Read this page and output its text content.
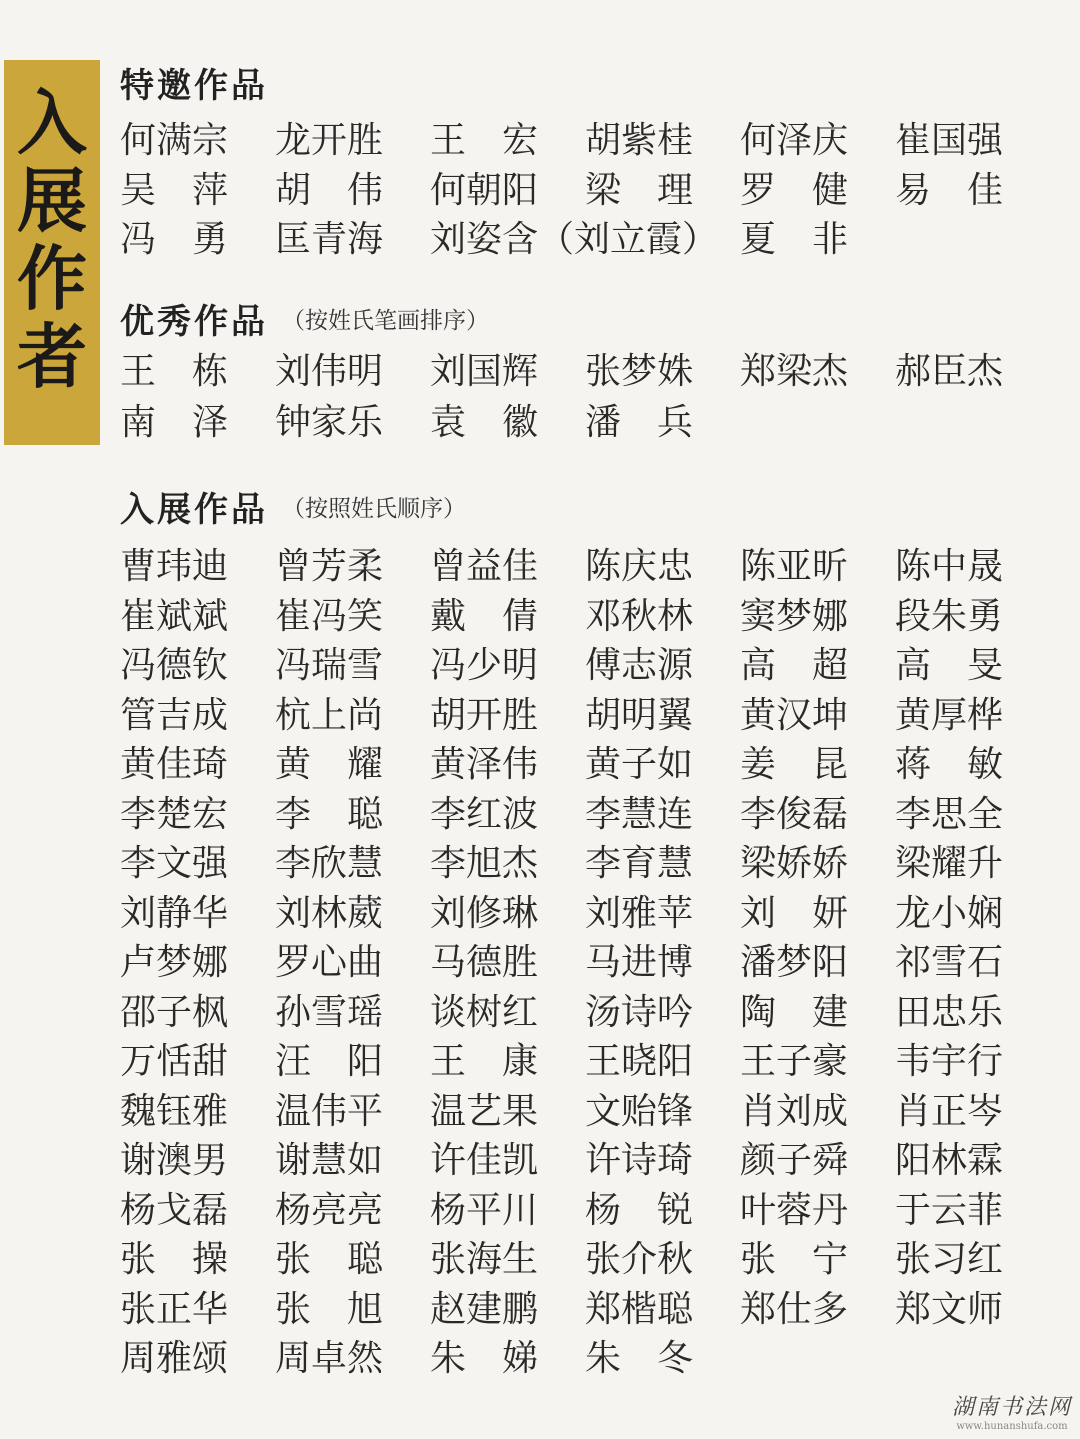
入
展
作
者
特邀作品
何满宗	龙开胜	王　宏	胡紫桂	何泽庆	崔国强
吴　萍	胡　伟	何朝阳	梁　理	罗　健	易　佳
冯　勇	匡青海	刘姿含（刘立霞） 夏　非
优秀作品 （按姓氏笔画排序）
王　栋	刘伟明	刘国辉	张梦姝	郑梁杰	郝臣杰
南　泽	钟家乐	袁　徽	潘　兵
入展作品 （按照姓氏顺序）
曹玮迪	曾芳柔	曾益佳	陈庆忠	陈亚昕	陈中晟
崔斌斌	崔冯笑	戴　倩	邓秋林	窦梦娜	段朱勇
冯德钦	冯瑞雪	冯少明	傅志源	高　超	高　旻
管吉成	杭上尚	胡开胜	胡明翼	黄汉坤	黄厚桦
黄佳琦	黄　耀	黄泽伟	黄子如	姜　昆	蒋　敏
李楚宏	李　聪	李红波	李慧连	李俊磊	李思全
李文强	李欣慧	李旭杰	李育慧	梁娇娇	梁耀升
刘静华	刘林葳	刘修琳	刘雅苹	刘　妍	龙小娴
卢梦娜	罗心曲	马德胜	马进博	潘梦阳	祁雪石
邵子枫	孙雪瑶	谈树红	汤诗吟	陶　建	田忠乐
万恬甜	汪　阳	王　康	王晓阳	王子豪	韦宇行
魏钰雅	温伟平	温艺果	文贻锋	肖刘成	肖正岑
谢澳男	谢慧如	许佳凯	许诗琦	颜子舜	阳林霖
杨戈磊	杨亮亮	杨平川	杨　锐	叶蓉丹	于云菲
张　操	张　聪	张海生	张介秋	张　宁	张习红
张正华	张　旭	赵建鹏	郑楷聪	郑仕多	郑文师
周雅颂	周卓然	朱　娣	朱　冬
湖南书法网
www.hunanshufa.com
